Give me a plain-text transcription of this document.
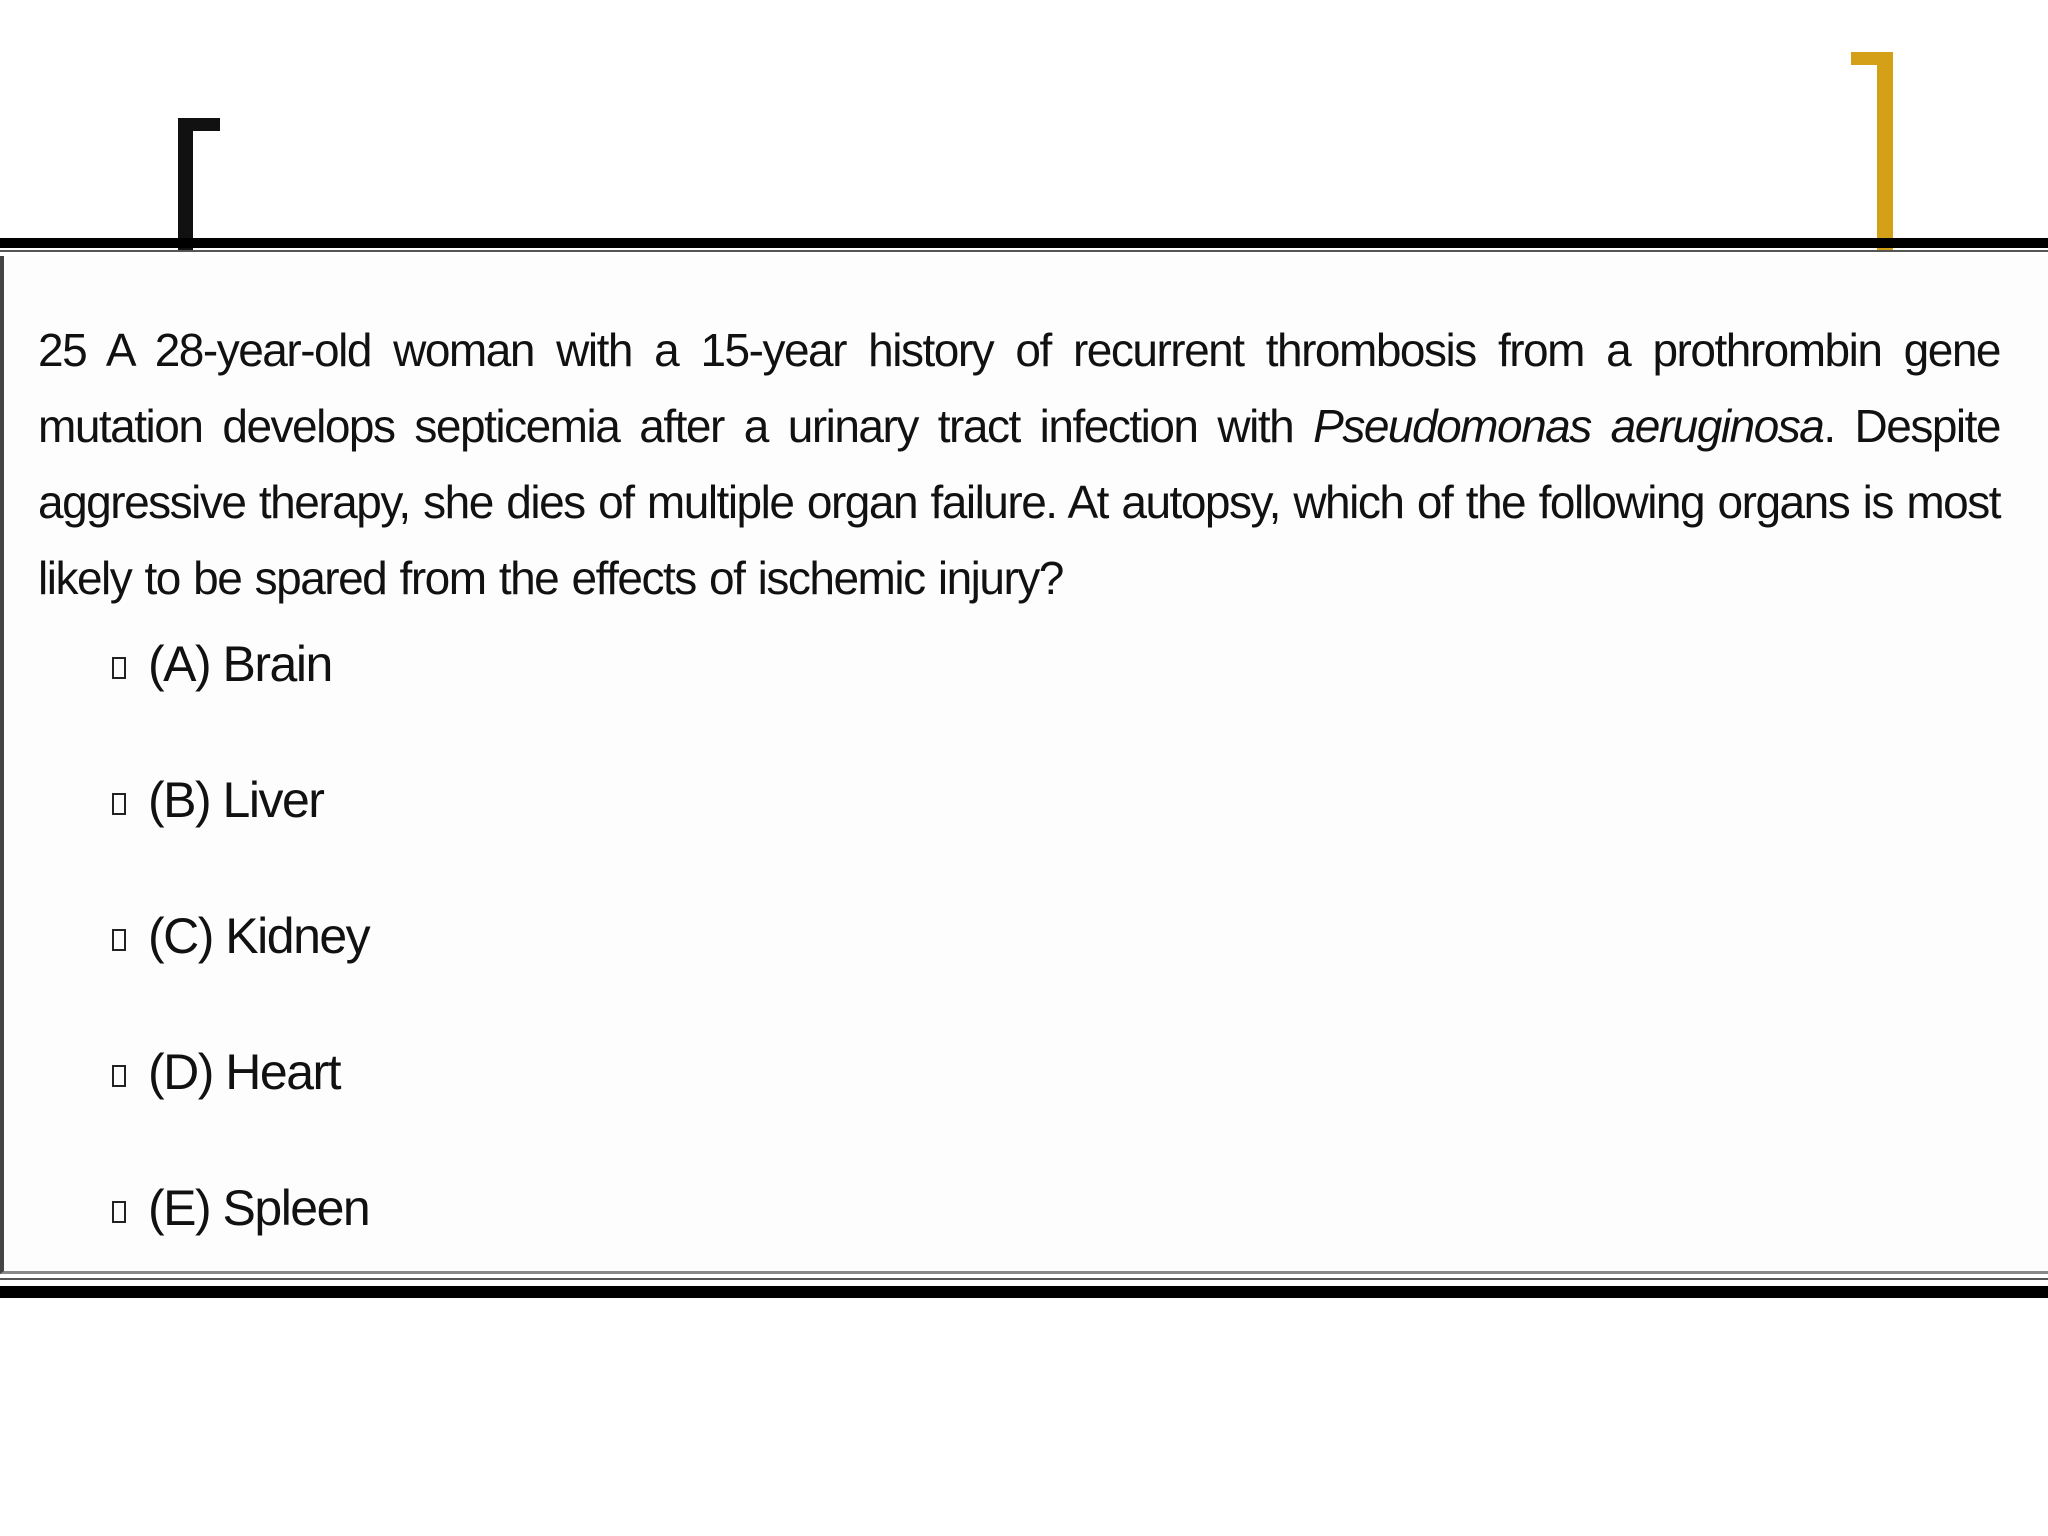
25 A 28-year-old woman with a 15-year history of recurrent thrombosis from a prothrombin gene mutation develops septicemia after a urinary tract infection with Pseudomonas aeruginosa. Despite aggressive therapy, she dies of multiple organ failure. At autopsy, which of the following organs is most likely to be spared from the effects of ischemic injury?
(A) Brain
(B) Liver
(C) Kidney
(D) Heart
(E) Spleen
